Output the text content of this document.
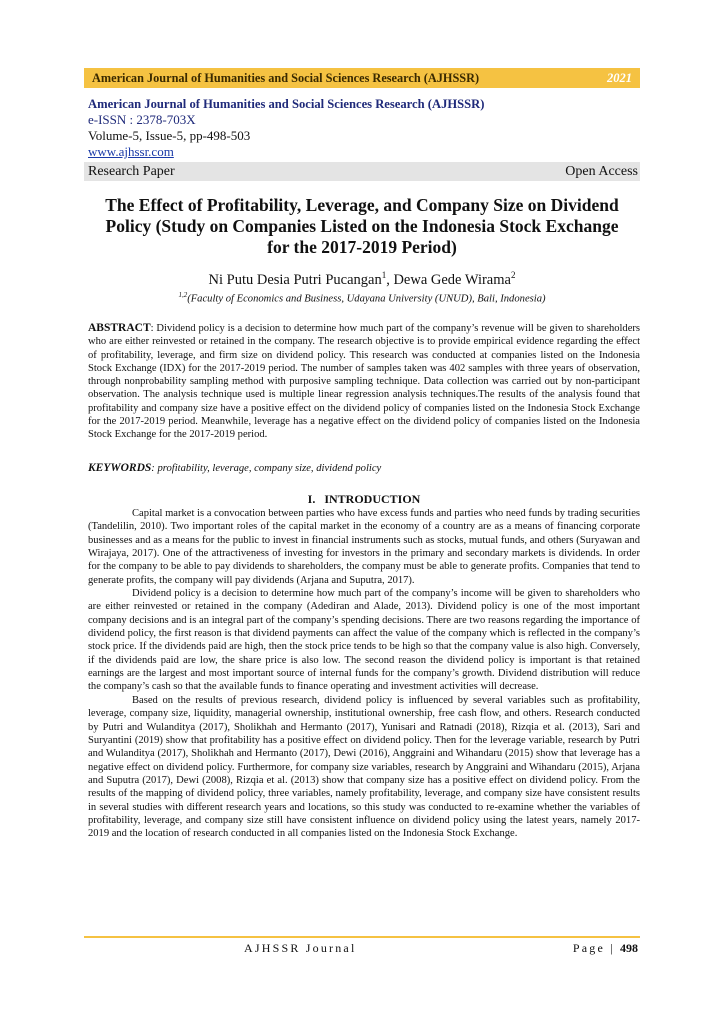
American Journal of Humanities and Social Sciences Research (AJHSSR)	2021
American Journal of Humanities and Social Sciences Research (AJHSSR)
e-ISSN : 2378-703X
Volume-5, Issue-5, pp-498-503
www.ajhssr.com
Research Paper	Open Access
The Effect of Profitability, Leverage, and Company Size on Dividend Policy (Study on Companies Listed on the Indonesia Stock Exchange for the 2017-2019 Period)
Ni Putu Desia Putri Pucangan$^1$, Dewa Gede Wirama$^2$
$^{1,2}$(Faculty of Economics and Business, Udayana University (UNUD), Bali, Indonesia)
ABSTRACT: Dividend policy is a decision to determine how much part of the company’s revenue will be given to shareholders who are either reinvested or retained in the company. The research objective is to provide empirical evidence regarding the effect of profitability, leverage, and firm size on dividend policy. This research was conducted at companies listed on the Indonesia Stock Exchange (IDX) for the 2017-2019 period. The number of samples taken was 402 samples with three years of observation, through nonprobability sampling method with purposive sampling technique. Data collection was carried out by non-participant observation. The analysis technique used is multiple linear regression analysis techniques.The results of the analysis found that profitability and company size have a positive effect on the dividend policy of companies listed on the Indonesia Stock Exchange for the 2017-2019 period. Meanwhile, leverage has a negative effect on the dividend policy of companies listed on the Indonesia Stock Exchange for the 2017-2019 period.
KEYWORDS: profitability, leverage, company size, dividend policy
I.   INTRODUCTION

Capital market is a convocation between parties who have excess funds and parties who need funds by trading securities (Tandelilin, 2010). Two important roles of the capital market in the economy of a country are as a means of financing corporate businesses and as a means for the public to invest in financial instruments such as stocks, mutual funds, and others (Suryawan and Wirajaya, 2017). One of the attractiveness of investing for investors in the primary and secondary markets is dividends. In order for the company to be able to pay dividends to shareholders, the company must be able to generate profits. Companies that tend to generate profits, the company will pay dividends (Arjana and Suputra, 2017).

Dividend policy is a decision to determine how much part of the company’s income will be given to shareholders who are either reinvested or retained in the company (Adediran and Alade, 2013). Dividend policy is one of the most important company decisions and is an integral part of the company’s spending decisions. There are two reasons regarding the importance of dividend policy, the first reason is that dividend payments can affect the value of the company which is reflected in the company’s stock price. If the dividends paid are high, then the stock price tends to be high so that the company value is also high. Conversely, if the dividends paid are low, the share price is also low. The second reason the dividend policy is important is that retained earnings are the largest and most important source of internal funds for the company’s growth. Dividend distribution will reduce the company’s cash so that the available funds to finance operating and investment activities will decrease.

Based on the results of previous research, dividend policy is influenced by several variables such as profitability, leverage, company size, liquidity, managerial ownership, institutional ownership, free cash flow, and others. Research conducted by Putri and Wulanditya (2017), Sholikhah and Hermanto (2017), Yunisari and Ratnadi (2018), Rizqia et al. (2013), Sari and Suryantini (2019) show that profitability has a positive effect on dividend policy. Then for the leverage variable, research by Putri and Wulanditya (2017), Sholikhah and Hermanto (2017), Dewi (2016), Anggraini and Wihandaru (2015) show that leverage has a negative effect on dividend policy. Furthermore, for company size variables, research by Anggraini and Wihandaru (2015), Arjana and Suputra (2017), Dewi (2008), Rizqia et al. (2013) show that company size has a positive effect on dividend policy. From the results of the mapping of dividend policy, three variables, namely profitability, leverage, and company size have consistent results in several studies with different research years and locations, so this study was conducted to re-examine whether the variables of profitability, leverage, and company size still have consistent influence on dividend policy using the latest years, namely 2017-2019 and the location of research conducted in all companies listed on the Indonesia Stock Exchange.

AJHSSR Journal	Page | 498
